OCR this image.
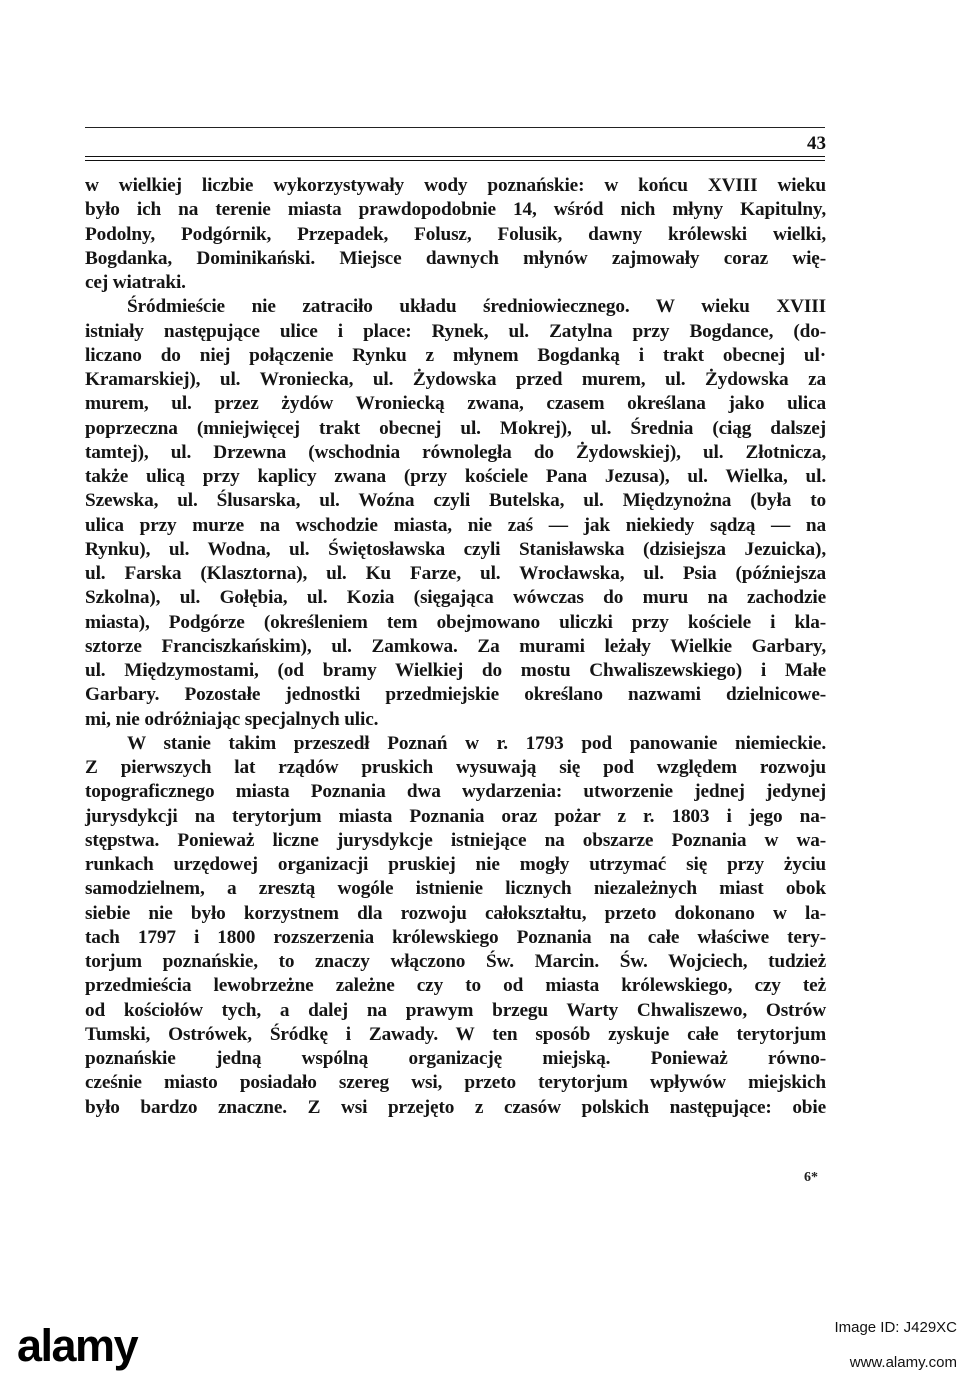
43
w wielkiej liczbie wykorzystywały wody poznańskie: w końcu XVIII wieku
było ich na terenie miasta prawdopodobnie 14, wśród nich młyny Kapitulny,
Podolny, Podgórnik, Przepadek, Folusz, Folusik, dawny królewski wielki,
Bogdanka, Dominikański. Miejsce dawnych młynów zajmowały coraz wię-
cej wiatraki.
Śródmieście nie zatraciło układu średniowiecznego. W wieku XVIII
istniały następujące ulice i place: Rynek, ul. Zatylna przy Bogdance, (do-
liczano do niej połączenie Rynku z młynem Bogdanką i trakt obecnej ul·
Kramarskiej), ul. Wroniecka, ul. Żydowska przed murem, ul. Żydowska za
murem, ul. przez żydów Wroniecką zwana, czasem określana jako ulica
poprzeczna (mniejwięcej trakt obecnej ul. Mokrej), ul. Średnia (ciąg dalszej
tamtej), ul. Drzewna (wschodnia równoległa do Żydowskiej), ul. Złotnicza,
także ulicą przy kaplicy zwana (przy kościele Pana Jezusa), ul. Wielka, ul.
Szewska, ul. Ślusarska, ul. Woźna czyli Butelska, ul. Międzynożna (była to
ulica przy murze na wschodzie miasta, nie zaś — jak niekiedy sądzą — na
Rynku), ul. Wodna, ul. Świętosławska czyli Stanisławska (dzisiejsza Jezuicka),
ul. Farska (Klasztorna), ul. Ku Farze, ul. Wrocławska, ul. Psia (późniejsza
Szkolna), ul. Gołębia, ul. Kozia (sięgająca wówczas do muru na zachodzie
miasta), Podgórze (określeniem tem obejmowano uliczki przy kościele i kla-
sztorze Franciszkańskim), ul. Zamkowa. Za murami leżały Wielkie Garbary,
ul. Międzymostami, (od bramy Wielkiej do mostu Chwaliszewskiego) i Małe
Garbary. Pozostałe jednostki przedmiejskie określano nazwami dzielnicowe-
mi, nie odróżniając specjalnych ulic.
W stanie takim przeszedł Poznań w r. 1793 pod panowanie niemieckie.
Z pierwszych lat rządów pruskich wysuwają się pod względem rozwoju
topograficznego miasta Poznania dwa wydarzenia: utworzenie jednej jedynej
jurysdykcji na terytorjum miasta Poznania oraz pożar z r. 1803 i jego na-
stępstwa. Ponieważ liczne jurysdykcje istniejące na obszarze Poznania w wa-
runkach urzędowej organizacji pruskiej nie mogły utrzymać się przy życiu
samodzielnem, a zresztą wogóle istnienie licznych niezależnych miast obok
siebie nie było korzystnem dla rozwoju całokształtu, przeto dokonano w la-
tach 1797 i 1800 rozszerzenia królewskiego Poznania na całe właściwe tery-
torjum poznańskie, to znaczy włączono Św. Marcin. Św. Wojciech, tudzież
przedmieścia lewobrzeżne zależne czy to od miasta królewskiego, czy też
od kościołów tych, a dalej na prawym brzegu Warty Chwaliszewo, Ostrów
Tumski, Ostrówek, Śródkę i Zawady. W ten sposób zyskuje całe terytorjum
poznańskie jedną wspólną organizację miejską. Ponieważ równo-
cześnie miasto posiadało szereg wsi, przeto terytorjum wpływów miejskich
było bardzo znaczne. Z wsi przejęto z czasów polskich następujące: obie
6*
alamy	Image ID: J429XC
www.alamy.com
